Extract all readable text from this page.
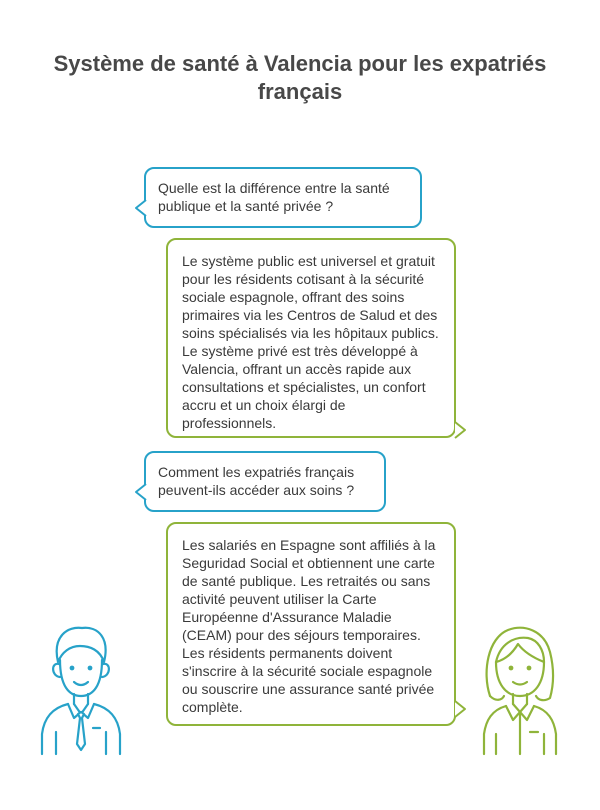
Système de santé à Valencia pour les expatriés français
Quelle est la différence entre la santé publique et la santé privée ?
Le système public est universel et gratuit pour les résidents cotisant à la sécurité sociale espagnole, offrant des soins primaires via les Centros de Salud et des soins spécialisés via les hôpitaux publics. Le système privé est très développé à Valencia, offrant un accès rapide aux consultations et spécialistes, un confort accru et un choix élargi de professionnels.
Comment les expatriés français peuvent-ils accéder aux soins ?
Les salariés en Espagne sont affiliés à la Seguridad Social et obtiennent une carte de santé publique. Les retraités ou sans activité peuvent utiliser la Carte Européenne d'Assurance Maladie (CEAM) pour des séjours temporaires. Les résidents permanents doivent s'inscrire à la sécurité sociale espagnole ou souscrire une assurance santé privée complète.
